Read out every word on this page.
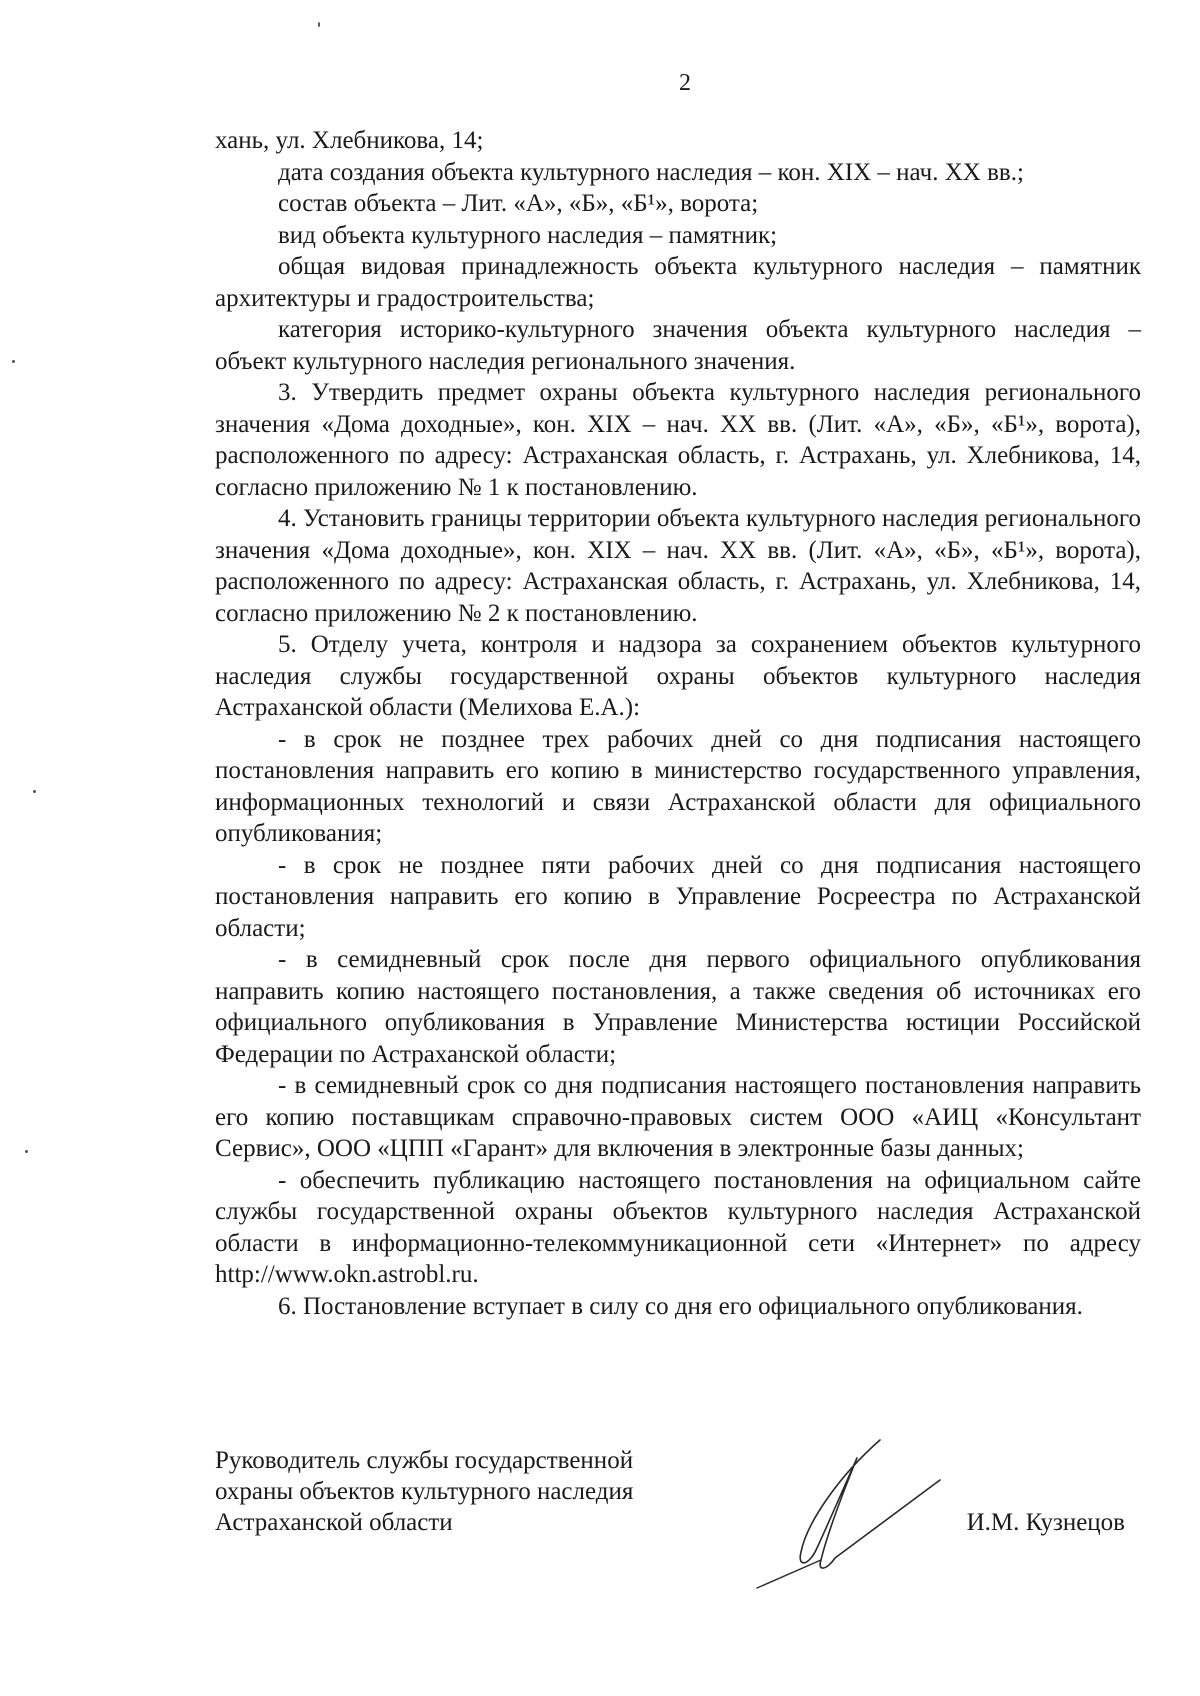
2

хань, ул. Хлебникова, 14;

дата создания объекта культурного наследия – кон. XIX – нач. XX вв.;

состав объекта – Лит. «А», «Б», «Б¹», ворота;

вид объекта культурного наследия – памятник;

общая видовая принадлежность объекта культурного наследия – памятник архитектуры и градостроительства;

категория историко-культурного значения объекта культурного наследия – объект культурного наследия регионального значения.

3. Утвердить предмет охраны объекта культурного наследия регионального значения «Дома доходные», кон. XIX – нач. XX вв. (Лит. «А», «Б», «Б¹», ворота), расположенного по адресу: Астраханская область, г. Астрахань, ул. Хлебникова, 14, согласно приложению № 1 к постановлению.

4. Установить границы территории объекта культурного наследия регионального значения «Дома доходные», кон. XIX – нач. XX вв. (Лит. «А», «Б», «Б¹», ворота), расположенного по адресу: Астраханская область, г. Астрахань, ул. Хлебникова, 14, согласно приложению № 2 к постановлению.

5. Отделу учета, контроля и надзора за сохранением объектов культурного наследия службы государственной охраны объектов культурного наследия Астраханской области (Мелихова Е.А.):

- в срок не позднее трех рабочих дней со дня подписания настоящего постановления направить его копию в министерство государственного управления, информационных технологий и связи Астраханской области для официального опубликования;

- в срок не позднее пяти рабочих дней со дня подписания настоящего постановления направить его копию в Управление Росреестра по Астраханской области;

- в семидневный срок после дня первого официального опубликования направить копию настоящего постановления, а также сведения об источниках его официального опубликования в Управление Министерства юстиции Российской Федерации по Астраханской области;

- в семидневный срок со дня подписания настоящего постановления направить его копию поставщикам справочно-правовых систем ООО «АИЦ «Консультант Сервис», ООО «ЦПП «Гарант» для включения в электронные базы данных;

- обеспечить публикацию настоящего постановления на официальном сайте службы государственной охраны объектов культурного наследия Астраханской области в информационно-телекоммуникационной сети «Интернет» по адресу http://www.okn.astrobl.ru.

6. Постановление вступает в силу со дня его официального опубликования.

Руководитель службы государственной
охраны объектов культурного наследия
Астраханской области	И.М. Кузнецов
